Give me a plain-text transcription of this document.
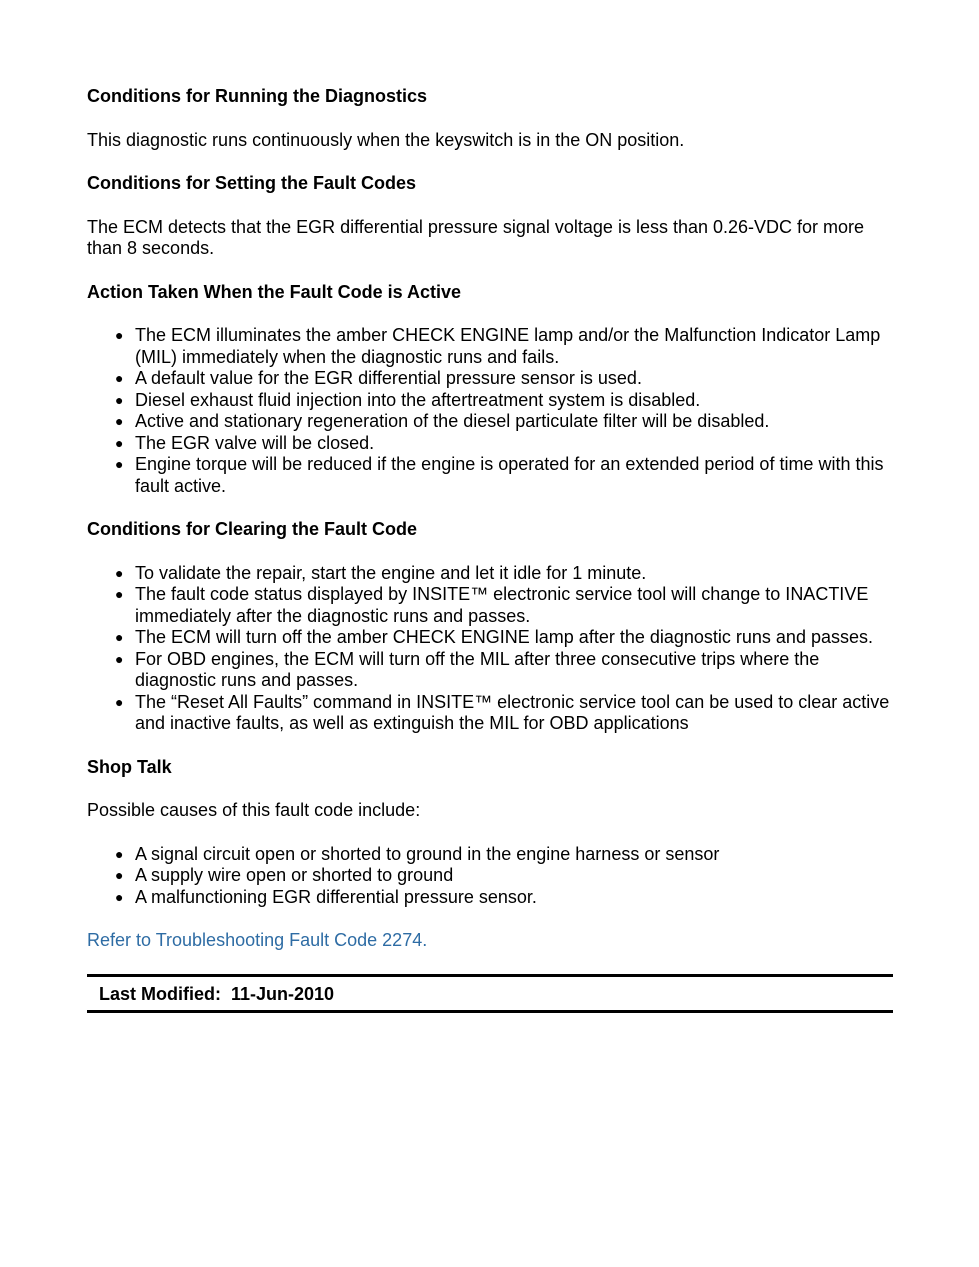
Conditions for Running the Diagnostics

This diagnostic runs continuously when the keyswitch is in the ON position.

Conditions for Setting the Fault Codes

The ECM detects that the EGR differential pressure signal voltage is less than 0.26-VDC for more than 8 seconds.

Action Taken When the Fault Code is Active
● The ECM illuminates the amber CHECK ENGINE lamp and/or the Malfunction Indicator Lamp (MIL) immediately when the diagnostic runs and fails.
● A default value for the EGR differential pressure sensor is used.
● Diesel exhaust fluid injection into the aftertreatment system is disabled.
● Active and stationary regeneration of the diesel particulate filter will be disabled.
● The EGR valve will be closed.
● Engine torque will be reduced if the engine is operated for an extended period of time with this fault active.
Conditions for Clearing the Fault Code
● To validate the repair, start the engine and let it idle for 1 minute.
● The fault code status displayed by INSITE™ electronic service tool will change to INACTIVE immediately after the diagnostic runs and passes.
● The ECM will turn off the amber CHECK ENGINE lamp after the diagnostic runs and passes.
● For OBD engines, the ECM will turn off the MIL after three consecutive trips where the diagnostic runs and passes.
● The “Reset All Faults” command in INSITE™ electronic service tool can be used to clear active and inactive faults, as well as extinguish the MIL for OBD applications
Shop Talk

Possible causes of this fault code include:

● A signal circuit open or shorted to ground in the engine harness or sensor
● A supply wire open or shorted to ground
● A malfunctioning EGR differential pressure sensor.
Refer to Troubleshooting Fault Code 2274.
Last Modified: 11-Jun-2010
